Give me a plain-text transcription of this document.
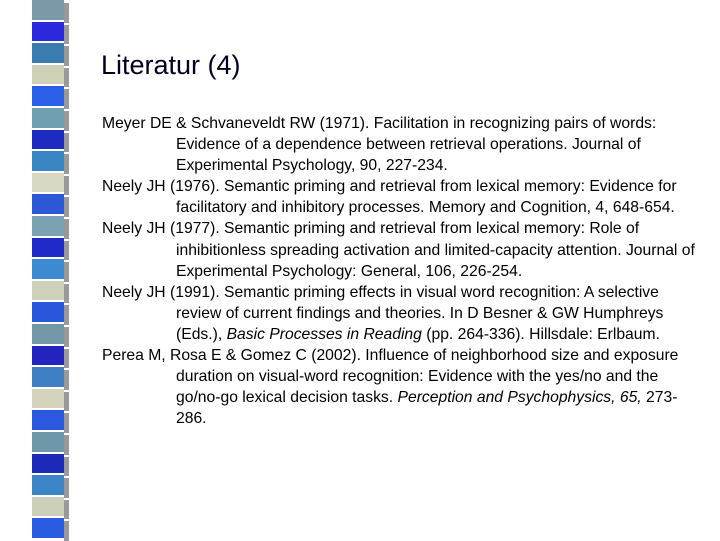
Literatur (4)
Meyer DE & Schvaneveldt RW (1971). Facilitation in recognizing pairs of words: Evidence of a dependence between retrieval operations. Journal of Experimental Psychology, 90, 227-234.
Neely JH (1976). Semantic priming and retrieval from lexical memory: Evidence for facilitatory and inhibitory processes. Memory and Cognition, 4, 648-654.
Neely JH (1977). Semantic priming and retrieval from lexical memory: Role of inhibitionless spreading activation and limited-capacity attention. Journal of Experimental Psychology: General, 106, 226-254.
Neely JH (1991). Semantic priming effects in visual word recognition: A selective review of current findings and theories. In D Besner & GW Humphreys (Eds.), Basic Processes in Reading (pp. 264-336). Hillsdale: Erlbaum.
Perea M, Rosa E & Gomez C (2002). Influence of neighborhood size and exposure duration on visual-word recognition: Evidence with the yes/no and the go/no-go lexical decision tasks. Perception and Psychophysics, 65, 273-286.
